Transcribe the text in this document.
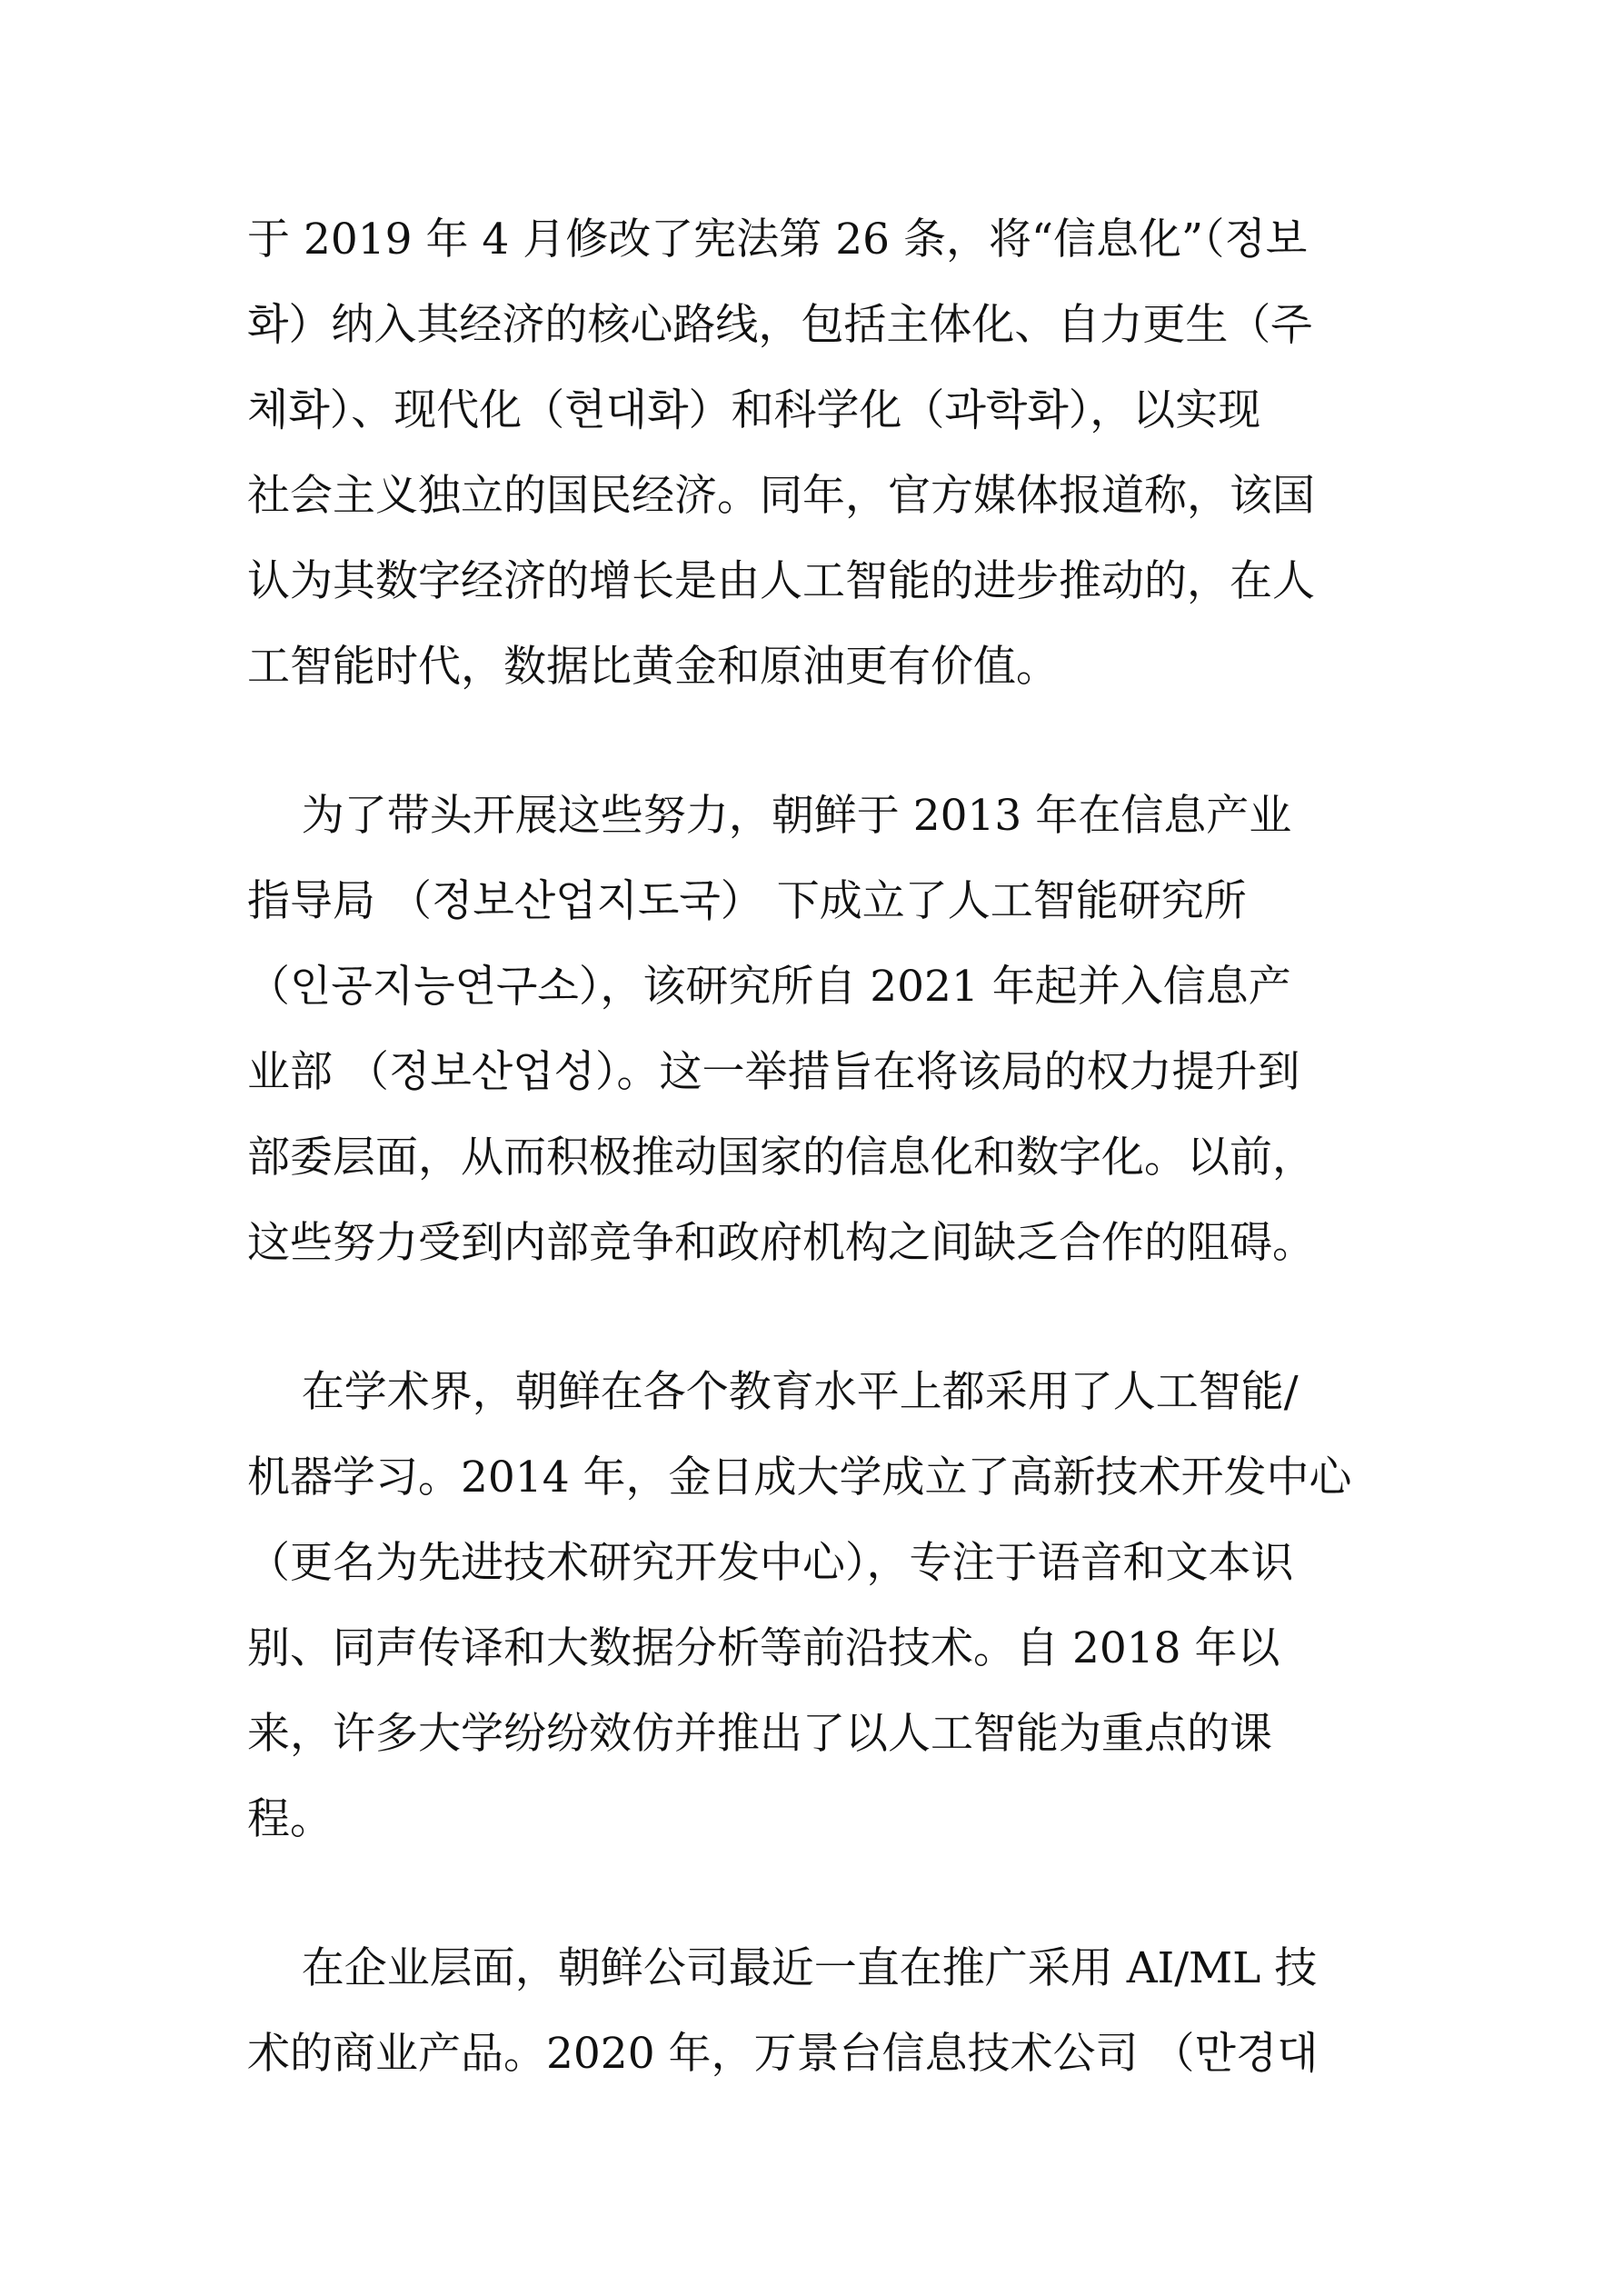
于 2019 年 4 月修改了宪法第 26 条，将“信息化”（정보

화）纳入其经济的核心路线，包括主体化、自力更生（주

체화）、现代化（현대화）和科学化（과학화），以实现

社会主义独立的国民经济。同年，官方媒体报道称，该国

认为其数字经济的增长是由人工智能的进步推动的，在人

工智能时代，数据比黄金和原油更有价值。

为了带头开展这些努力，朝鲜于 2013 年在信息产业

指导局 （정보산업지도국） 下成立了人工智能研究所

（인공지능연구소），该研究所自 2021 年起并入信息产

业部 （정보산업성）。这一举措旨在将该局的权力提升到

部委层面，从而积极推动国家的信息化和数字化。以前，

这些努力受到内部竞争和政府机构之间缺乏合作的阻碍。

在学术界，朝鲜在各个教育水平上都采用了人工智能/

机器学习。2014 年，金日成大学成立了高新技术开发中心

（更名为先进技术研究开发中心），专注于语音和文本识

别、同声传译和大数据分析等前沿技术。自 2018 年以

来，许多大学纷纷效仿并推出了以人工智能为重点的课

程。

在企业层面，朝鲜公司最近一直在推广采用 AI/ML 技

术的商业产品。2020 年，万景台信息技术公司 （만경대
